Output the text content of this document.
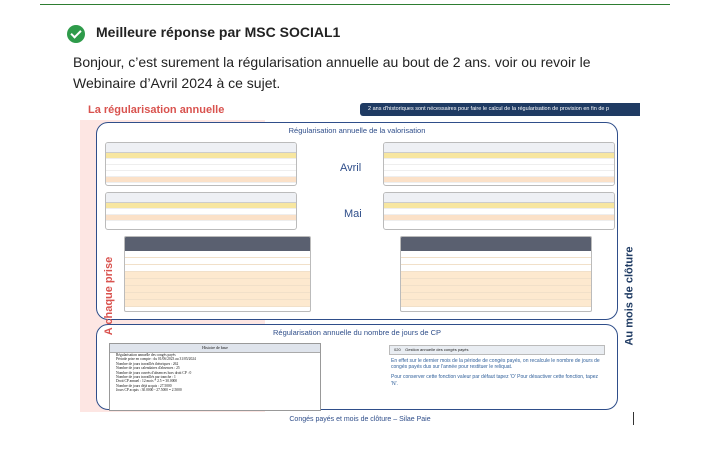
Meilleure réponse par MSC SOCIAL1
Bonjour, c’est surement la régularisation annuelle au bout de 2 ans. voir ou revoir le Webinaire d’Avril 2024 à ce sujet.
La régularisation annuelle	2 ans d'historiques sont nécessaires pour faire le calcul de la régularisation de provision en fin de p
Régularisation annuelle de la valorisation
Avril
Mai
Régularisation annuelle du nombre de jours de CP
Histoire de base
Régularisation annuelle des congés payés
Période prise en compte : du 01/06/2023 au 31/05/2024
Nombre de jours travaillés théoriques : 262
Nombre de jours calendaires d'absences : 25
Nombre de jours ouvrés d'absences hors droit CP : 0
Nombre de jours travaillés par tranche : 1
Droit CP annuel : 12 mois * 2.5 = 30.0000
Nombre de jours déjà acquis : 27.5000
Jours CP acquis : 30.0000 - 27.5000 = 2.5000
020 Gestion annuelle des congés payés

En effet sur le dernier mois de la période de congés payés, on recalcule le nombre de jours de congés payés dus sur l'année pour restituer le reliquat.

Pour conserver cette fonction valeur par défaut tapez 'O' Pour désactiver cette fonction, tapez 'N'.

A chaque prise	Au mois de clôture
Congés payés et mois de clôture – Silae Paie
